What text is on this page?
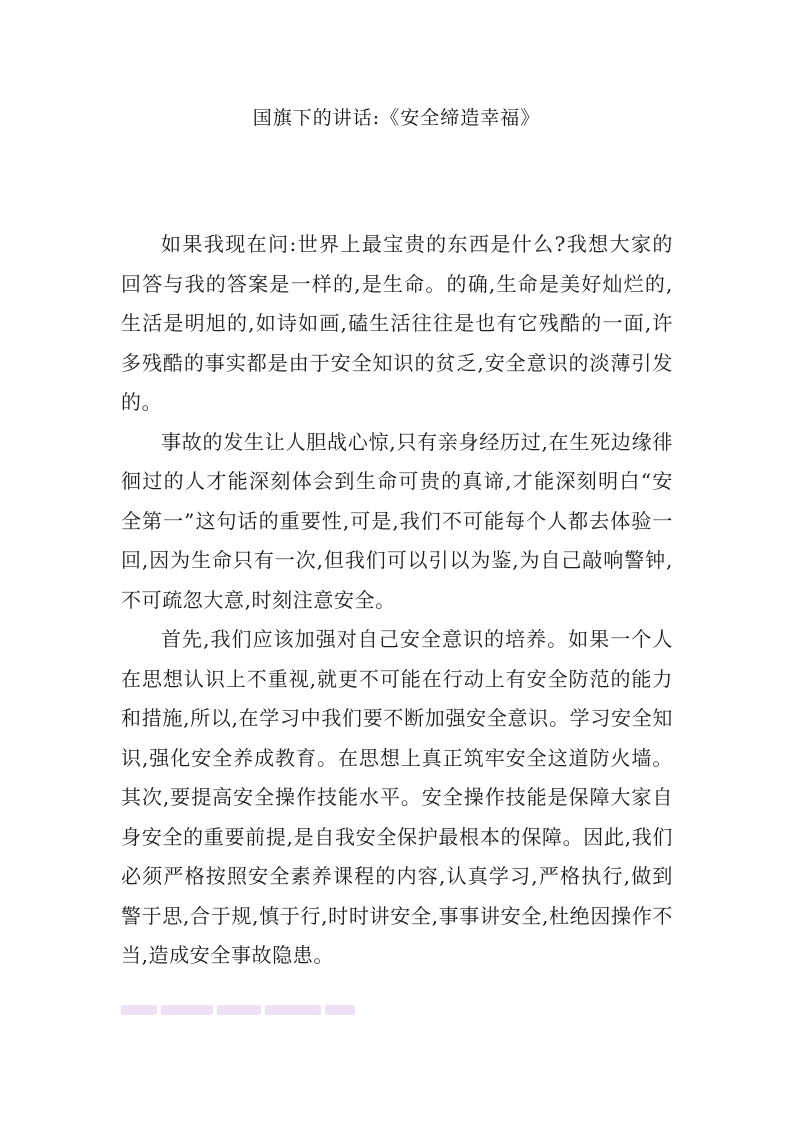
国旗下的讲话:《安全缔造幸福》

如果我现在问:世界上最宝贵的东西是什么?我想大家的回答与我的答案是一样的,是生命。的确,生命是美好灿烂的,生活是明旭的,如诗如画,磕生活往往是也有它残酷的一面,许多残酷的事实都是由于安全知识的贫乏,安全意识的淡薄引发的。

事故的发生让人胆战心惊,只有亲身经历过,在生死边缘徘徊过的人才能深刻体会到生命可贵的真谛,才能深刻明白“安全第一”这句话的重要性,可是,我们不可能每个人都去体验一回,因为生命只有一次,但我们可以引以为鉴,为自己敲响警钟,不可疏忽大意,时刻注意安全。

首先,我们应该加强对自己安全意识的培养。如果一个人在思想认识上不重视,就更不可能在行动上有安全防范的能力和措施,所以,在学习中我们要不断加强安全意识。学习安全知识,强化安全养成教育。在思想上真正筑牢安全这道防火墙。其次,要提高安全操作技能水平。安全操作技能是保障大家自身安全的重要前提,是自我安全保护最根本的保障。因此,我们必须严格按照安全素养课程的内容,认真学习,严格执行,做到警于思,合于规,慎于行,时时讲安全,事事讲安全,杜绝因操作不当,造成安全事故隐患。
